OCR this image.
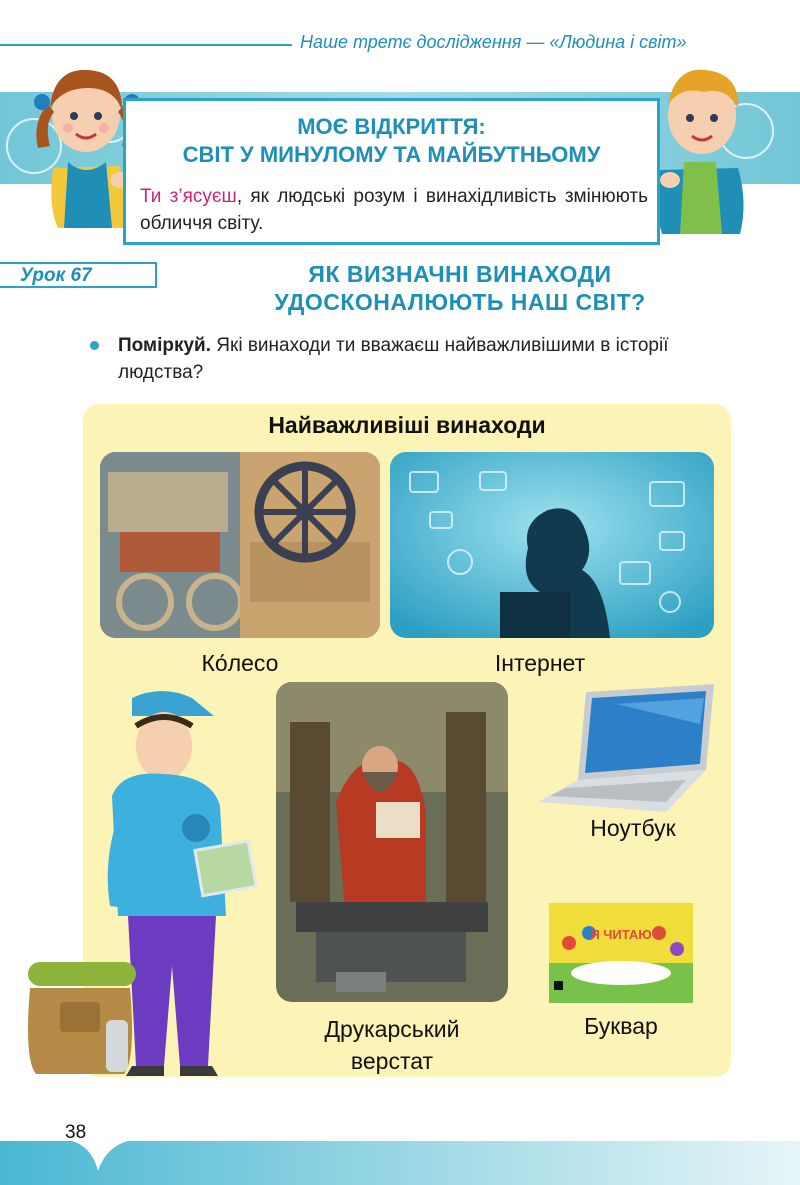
Наше третє дослідження — «Людина і світ»
МОЄ ВІДКРИТТЯ:
СВІТ У МИНУЛОМУ ТА МАЙБУТНЬОМУ
Ти з’ясуєш, як людські розум і винахідливість змінюють обличчя світу.
Урок 67	ЯК ВИЗНАЧНІ ВИНАХОДИ
УДОСКОНАЛЮЮТЬ НАШ СВІТ?
Поміркуй. Які винаходи ти вважаєш найважливішими в історії людства?
Найважливіші винаходи
Ко́лесо	Інтернет
Друкарський
верстат
Ноутбук
Я ЧИТАЮ
Буквар
38
